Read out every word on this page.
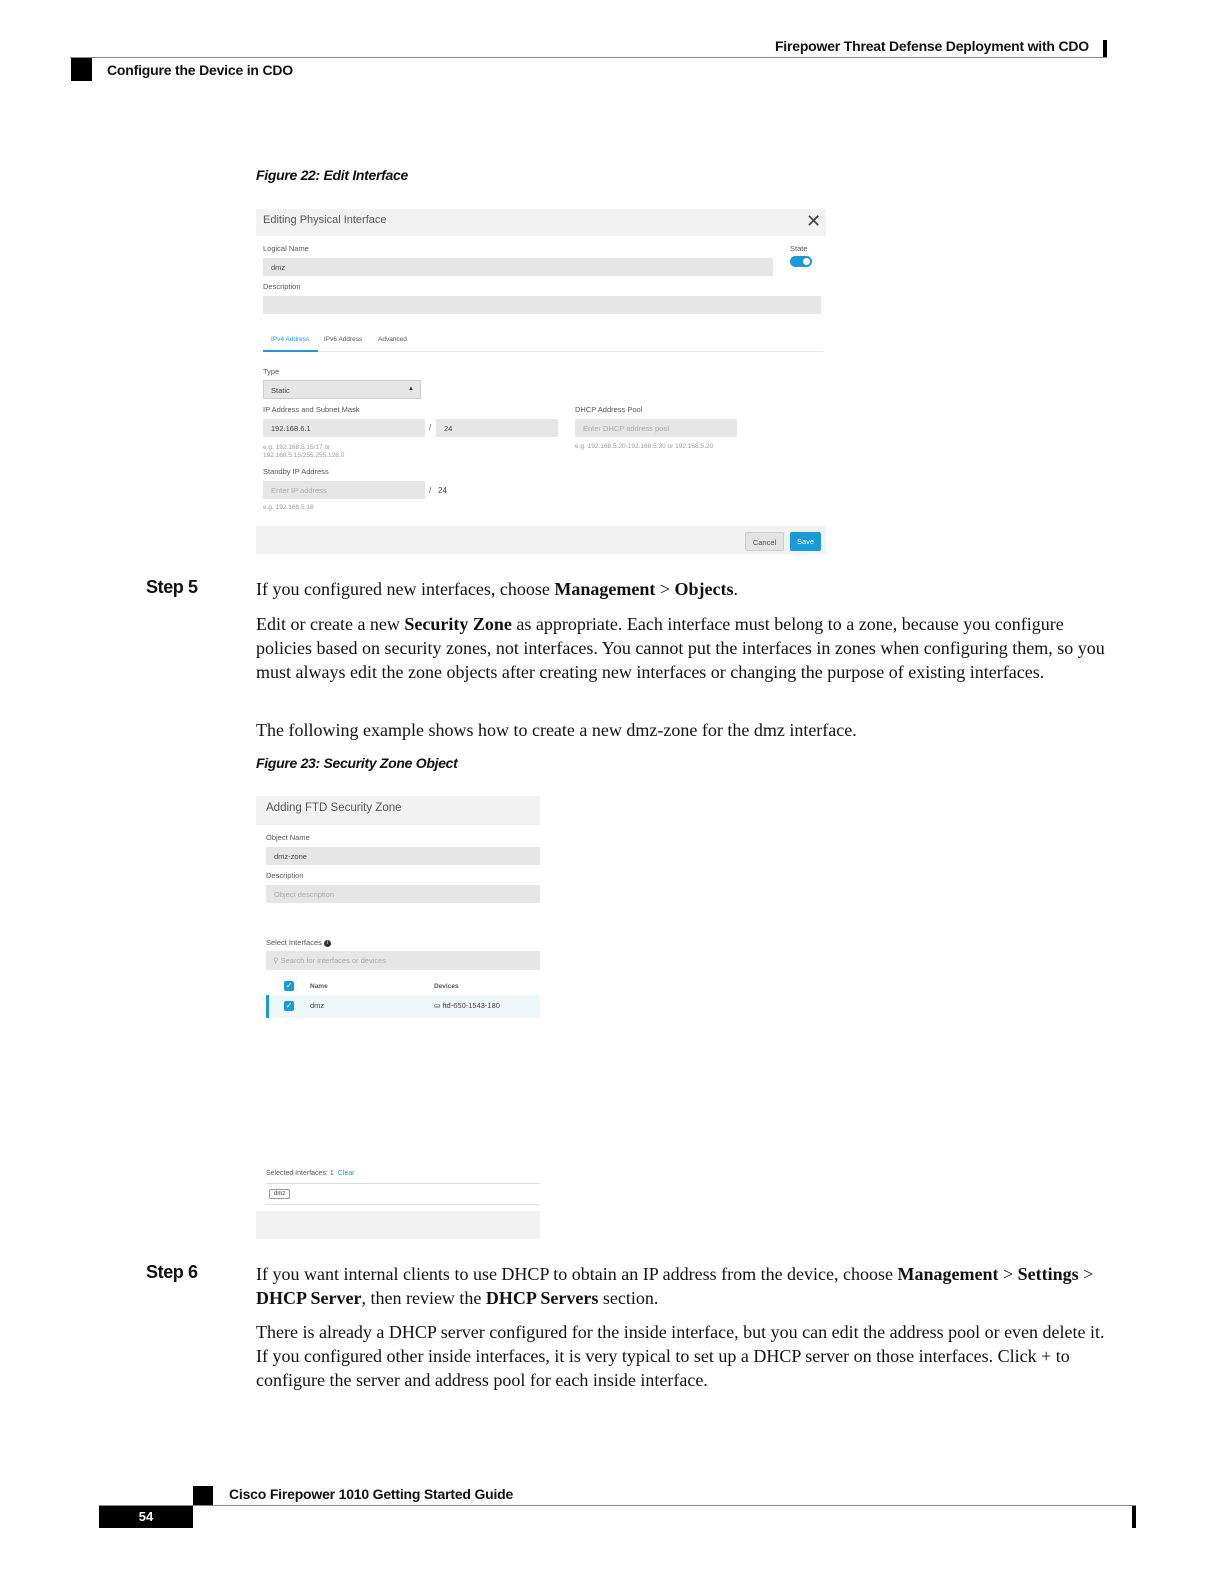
Firepower Threat Defense Deployment with CDO
Configure the Device in CDO
Figure 22: Edit Interface
Editing Physical Interface	✕
Logical Name	State
dmz
Description
IPv4 Address IPv6 Address Advanced
Type
Static	▲
IP Address and Subnet Mask
192.168.6.1	/	24
e.g. 192.168.5.15/17 or
192.168.5.15/255.255.128.0
DHCP Address Pool
Enter DHCP address pool
e.g. 192.168.5.20-192.168.5.30 or 192.168.5.20
Standby IP Address
Enter IP address	/ 24
e.g. 192.168.5.16
Cancel	Save
Step 5	If you configured new interfaces, choose Management > Objects.
Edit or create a new Security Zone as appropriate. Each interface must belong to a zone, because you configure policies based on security zones, not interfaces. You cannot put the interfaces in zones when configuring them, so you must always edit the zone objects after creating new interfaces or changing the purpose of existing interfaces.
The following example shows how to create a new dmz-zone for the dmz interface.
Figure 23: Security Zone Object
Adding FTD Security Zone
Object Name
dmz-zone
Description
Object description
Select Interfaces i
⚲ Search for interfaces or devices
✓	Name	Devices
✓ dmz	⛀ ftd-650-1543-180
Selected Interfaces: 1 Clear
dmz
Step 6	If you want internal clients to use DHCP to obtain an IP address from the device, choose Management > Settings > DHCP Server, then review the DHCP Servers section.
There is already a DHCP server configured for the inside interface, but you can edit the address pool or even delete it. If you configured other inside interfaces, it is very typical to set up a DHCP server on those interfaces. Click + to configure the server and address pool for each inside interface.
Cisco Firepower 1010 Getting Started Guide
54
